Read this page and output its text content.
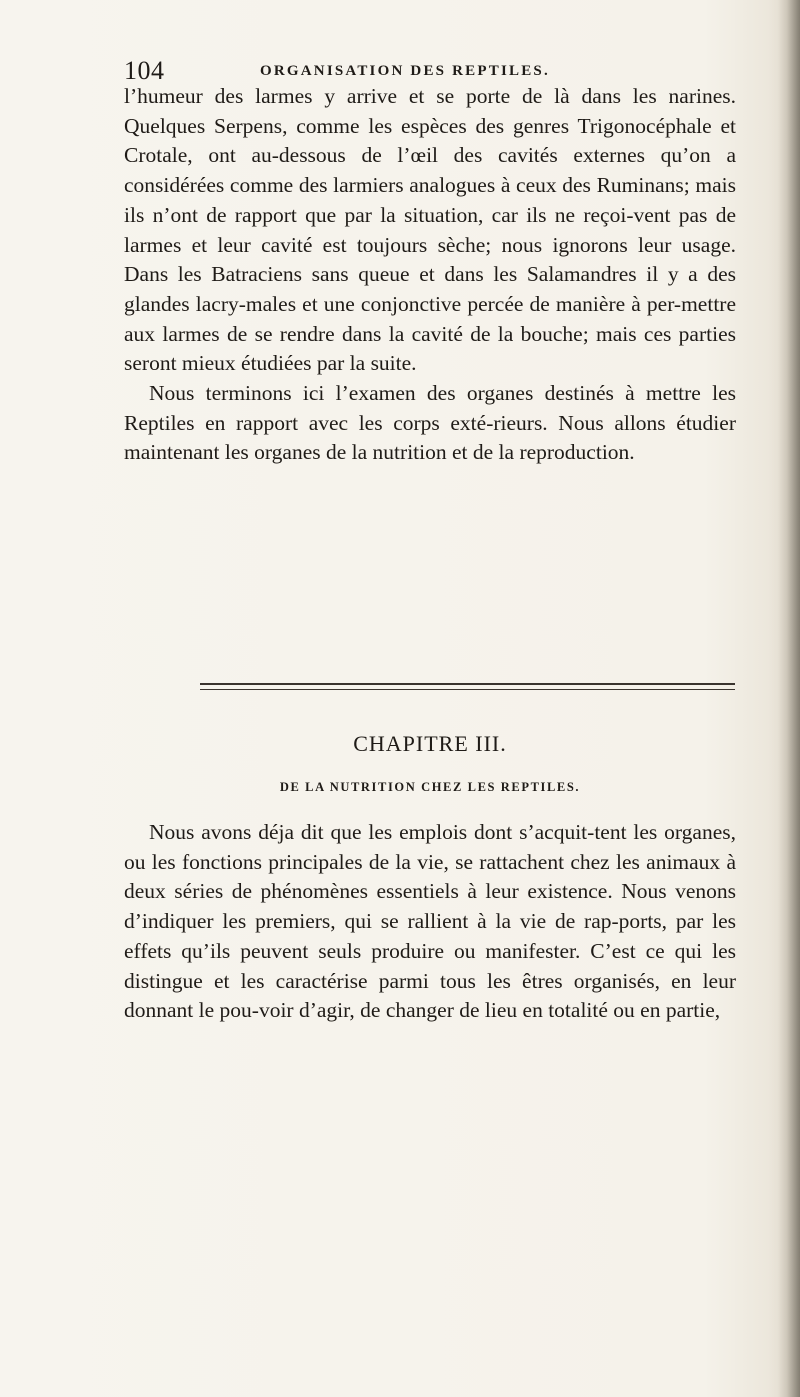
104	ORGANISATION DES REPTILES.

l’humeur des larmes y arrive et se porte de là dans les narines. Quelques Serpens, comme les espèces des genres Trigonocéphale et Crotale, ont au-dessous de l’œil des cavités externes qu’on a considérées comme des larmiers analogues à ceux des Ruminans; mais ils n’ont de rapport que par la situation, car ils ne reçoi-vent pas de larmes et leur cavité est toujours sèche; nous ignorons leur usage. Dans les Batraciens sans queue et dans les Salamandres il y a des glandes lacry-males et une conjonctive percée de manière à per-mettre aux larmes de se rendre dans la cavité de la bouche; mais ces parties seront mieux étudiées par la suite.

Nous terminons ici l’examen des organes destinés à mettre les Reptiles en rapport avec les corps exté-rieurs. Nous allons étudier maintenant les organes de la nutrition et de la reproduction.

CHAPITRE III.
DE LA NUTRITION CHEZ LES REPTILES.

Nous avons déja dit que les emplois dont s’acquit-tent les organes, ou les fonctions principales de la vie, se rattachent chez les animaux à deux séries de phénomènes essentiels à leur existence. Nous venons d’indiquer les premiers, qui se rallient à la vie de rap-ports, par les effets qu’ils peuvent seuls produire ou manifester. C’est ce qui les distingue et les caractérise parmi tous les êtres organisés, en leur donnant le pou-voir d’agir, de changer de lieu en totalité ou en partie,
